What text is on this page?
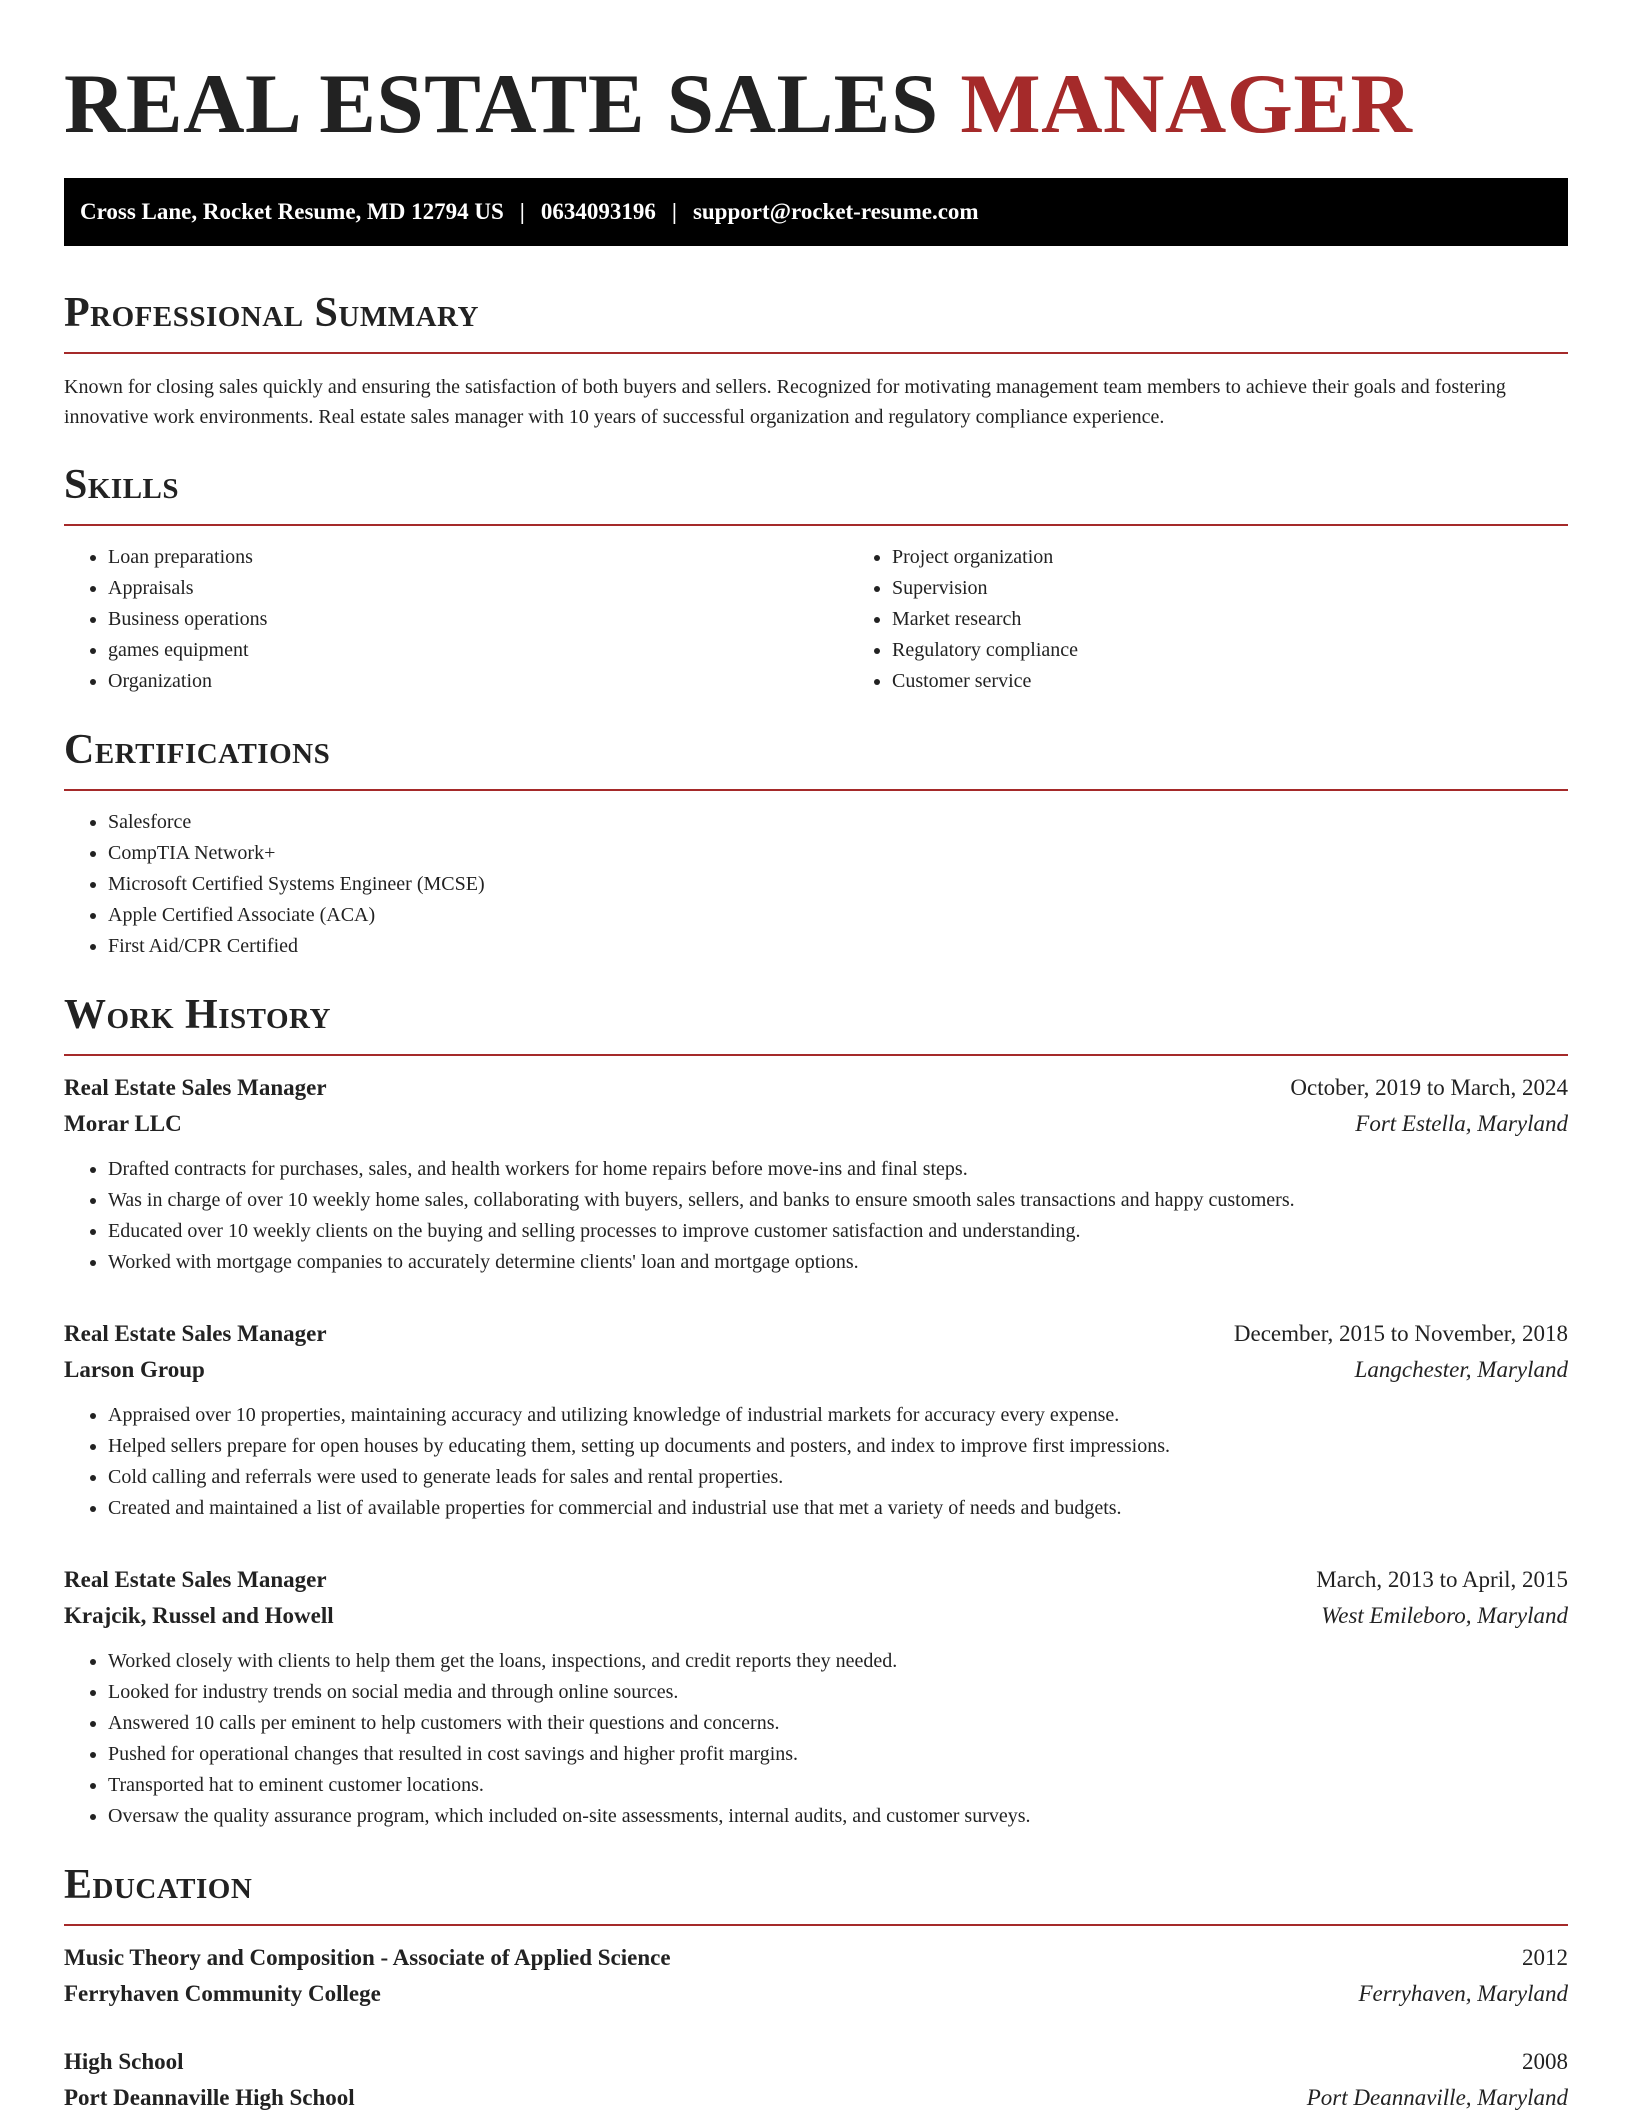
REAL ESTATE SALES MANAGER
Cross Lane, Rocket Resume, MD 12794 US | 0634093196 | support@rocket-resume.com
Professional Summary

Known for closing sales quickly and ensuring the satisfaction of both buyers and sellers. Recognized for motivating management team members to achieve their goals and fostering innovative work environments. Real estate sales manager with 10 years of successful organization and regulatory compliance experience.

Skills
• Loan preparations
• Appraisals
• Business operations
• games equipment
• Organization
• Project organization
• Supervision
• Market research
• Regulatory compliance
• Customer service
Certifications
• Salesforce
• CompTIA Network+
• Microsoft Certified Systems Engineer (MCSE)
• Apple Certified Associate (ACA)
• First Aid/CPR Certified
Work History
Real Estate Sales Manager	October, 2019 to March, 2024
Morar LLC	Fort Estella, Maryland
• Drafted contracts for purchases, sales, and health workers for home repairs before move-ins and final steps.
• Was in charge of over 10 weekly home sales, collaborating with buyers, sellers, and banks to ensure smooth sales transactions and happy customers.
• Educated over 10 weekly clients on the buying and selling processes to improve customer satisfaction and understanding.
• Worked with mortgage companies to accurately determine clients' loan and mortgage options.
Real Estate Sales Manager	December, 2015 to November, 2018
Larson Group	Langchester, Maryland
• Appraised over 10 properties, maintaining accuracy and utilizing knowledge of industrial markets for accuracy every expense.
• Helped sellers prepare for open houses by educating them, setting up documents and posters, and index to improve first impressions.
• Cold calling and referrals were used to generate leads for sales and rental properties.
• Created and maintained a list of available properties for commercial and industrial use that met a variety of needs and budgets.
Real Estate Sales Manager	March, 2013 to April, 2015
Krajcik, Russel and Howell	West Emileboro, Maryland
• Worked closely with clients to help them get the loans, inspections, and credit reports they needed.
• Looked for industry trends on social media and through online sources.
• Answered 10 calls per eminent to help customers with their questions and concerns.
• Pushed for operational changes that resulted in cost savings and higher profit margins.
• Transported hat to eminent customer locations.
• Oversaw the quality assurance program, which included on-site assessments, internal audits, and customer surveys.
Education
Music Theory and Composition - Associate of Applied Science	2012
Ferryhaven Community College	Ferryhaven, Maryland
High School	2008
Port Deannaville High School	Port Deannaville, Maryland
